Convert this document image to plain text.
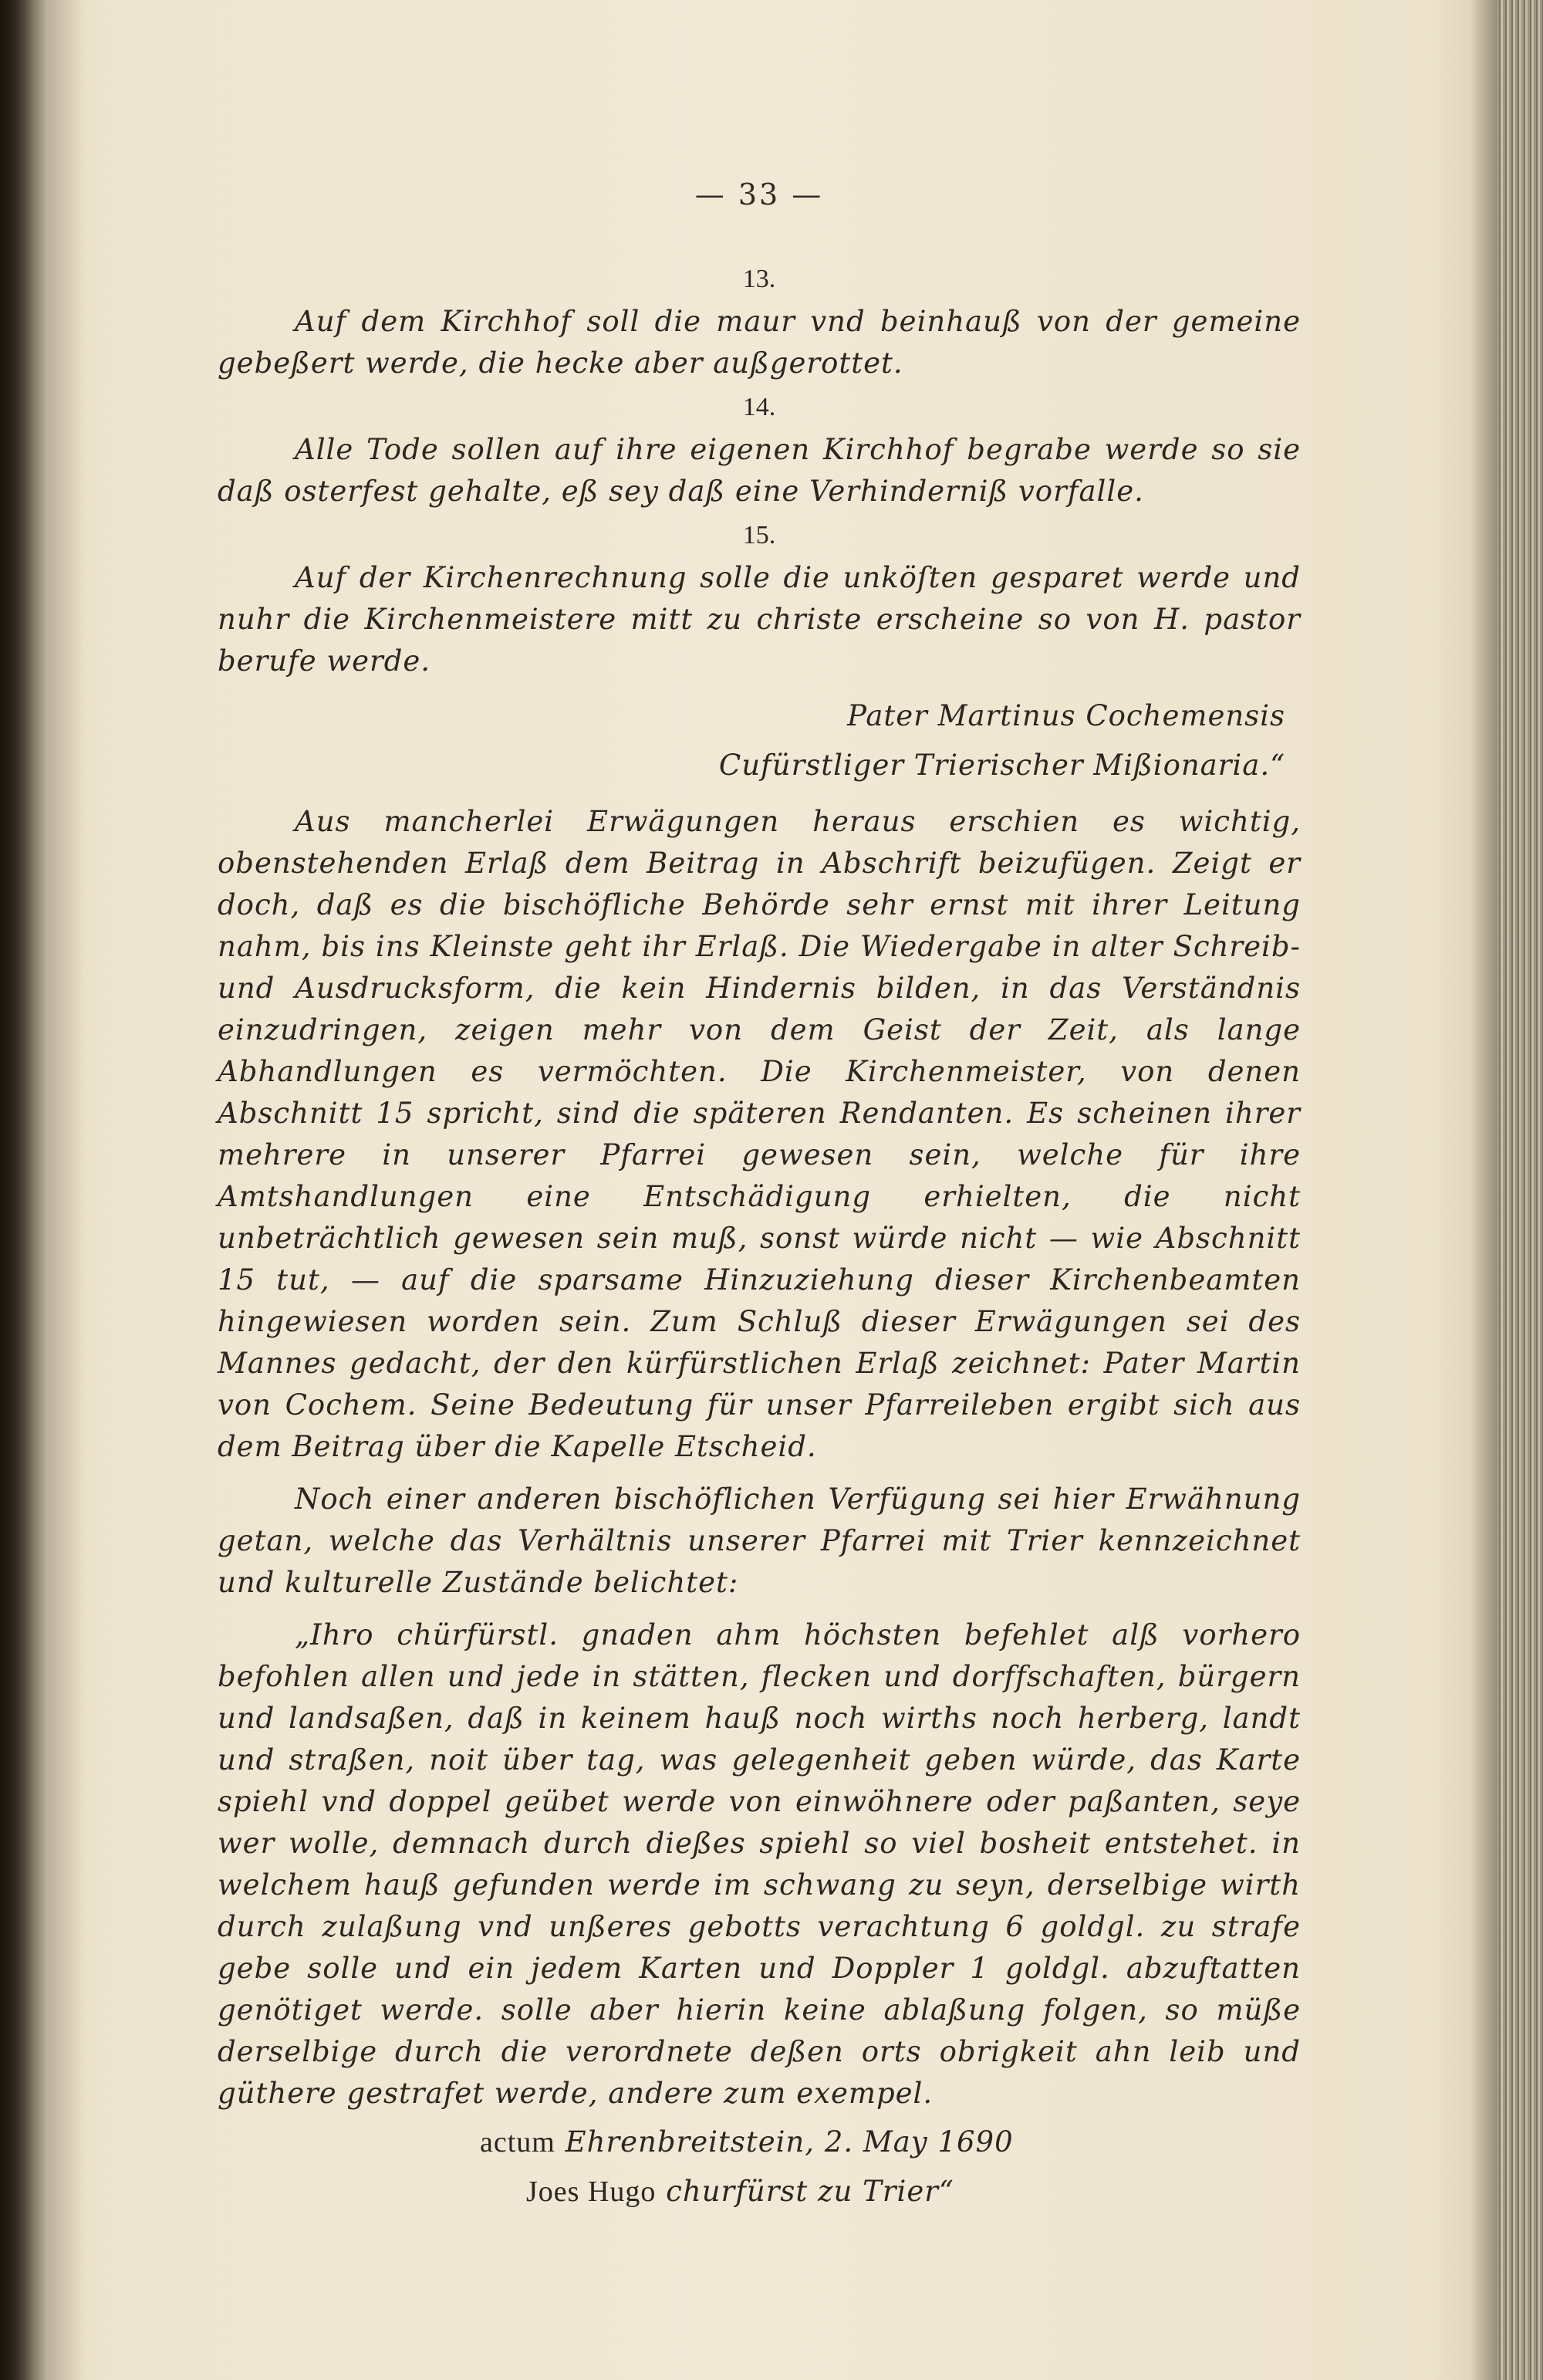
— 33 —
13.

Auf dem Kirchhof soll die maur vnd beinhauß von der gemeine gebeßert werde, die hecke aber außgerottet.

14.

Alle Tode sollen auf ihre eigenen Kirchhof begrabe werde so sie daß osterfest gehalte, eß sey daß eine Verhinderniß vorfalle.

15.

Auf der Kirchenrechnung solle die unköſten gesparet werde und nuhr die Kirchenmeistere mitt zu christe erscheine so von H. pastor berufe werde.

Pater Martinus Cochemensis
Cufürstliger Trierischer Mißionaria.“

Aus mancherlei Erwägungen heraus erschien es wichtig, obenstehenden Erlaß dem Beitrag in Abschrift beizufügen. Zeigt er doch, daß es die bischöfliche Behörde sehr ernst mit ihrer Leitung nahm, bis ins Kleinste geht ihr Erlaß. Die Wiedergabe in alter Schreib- und Ausdrucksform, die kein Hindernis bilden, in das Verständnis einzudringen, zeigen mehr von dem Geist der Zeit, als lange Abhandlungen es vermöchten. Die Kirchenmeister, von denen Abschnitt 15 spricht, sind die späteren Rendanten. Es scheinen ihrer mehrere in unserer Pfarrei gewesen sein, welche für ihre Amtshandlungen eine Entschädigung erhielten, die nicht unbeträchtlich gewesen sein muß, sonst würde nicht — wie Abschnitt 15 tut, — auf die sparsame Hinzuziehung dieser Kirchenbeamten hingewiesen worden sein. Zum Schluß dieser Erwägungen sei des Mannes gedacht, der den kürfürstlichen Erlaß zeichnet: Pater Martin von Cochem. Seine Bedeutung für unser Pfarreileben ergibt sich aus dem Beitrag über die Kapelle Etscheid.

Noch einer anderen bischöflichen Verfügung sei hier Erwähnung getan, welche das Verhältnis unserer Pfarrei mit Trier kennzeichnet und kulturelle Zustände belichtet:

„Ihro chürfürstl. gnaden ahm höchsten befehlet alß vorhero befohlen allen und jede in stätten, flecken und dorffschaften, bürgern und landsaßen, daß in keinem hauß noch wirths noch herberg, landt und straßen, noit über tag, was gelegenheit geben würde, das Karte spiehl vnd doppel geübet werde von einwöhnere oder paßanten, seye wer wolle, demnach durch dießes spiehl so viel bosheit entstehet. in welchem hauß gefunden werde im schwang zu seyn, derselbige wirth durch zulaßung vnd unßeres gebotts verachtung 6 goldgl. zu strafe gebe solle und ein jedem Karten und Doppler 1 goldgl. abzuftatten genötiget werde. solle aber hierin keine ablaßung folgen, so müße derselbige durch die verordnete deßen orts obrigkeit ahn leib und güthere gestrafet werde, andere zum exempel.

actum Ehrenbreitstein, 2. May 1690
Joes Hugo churfürst zu Trier“
